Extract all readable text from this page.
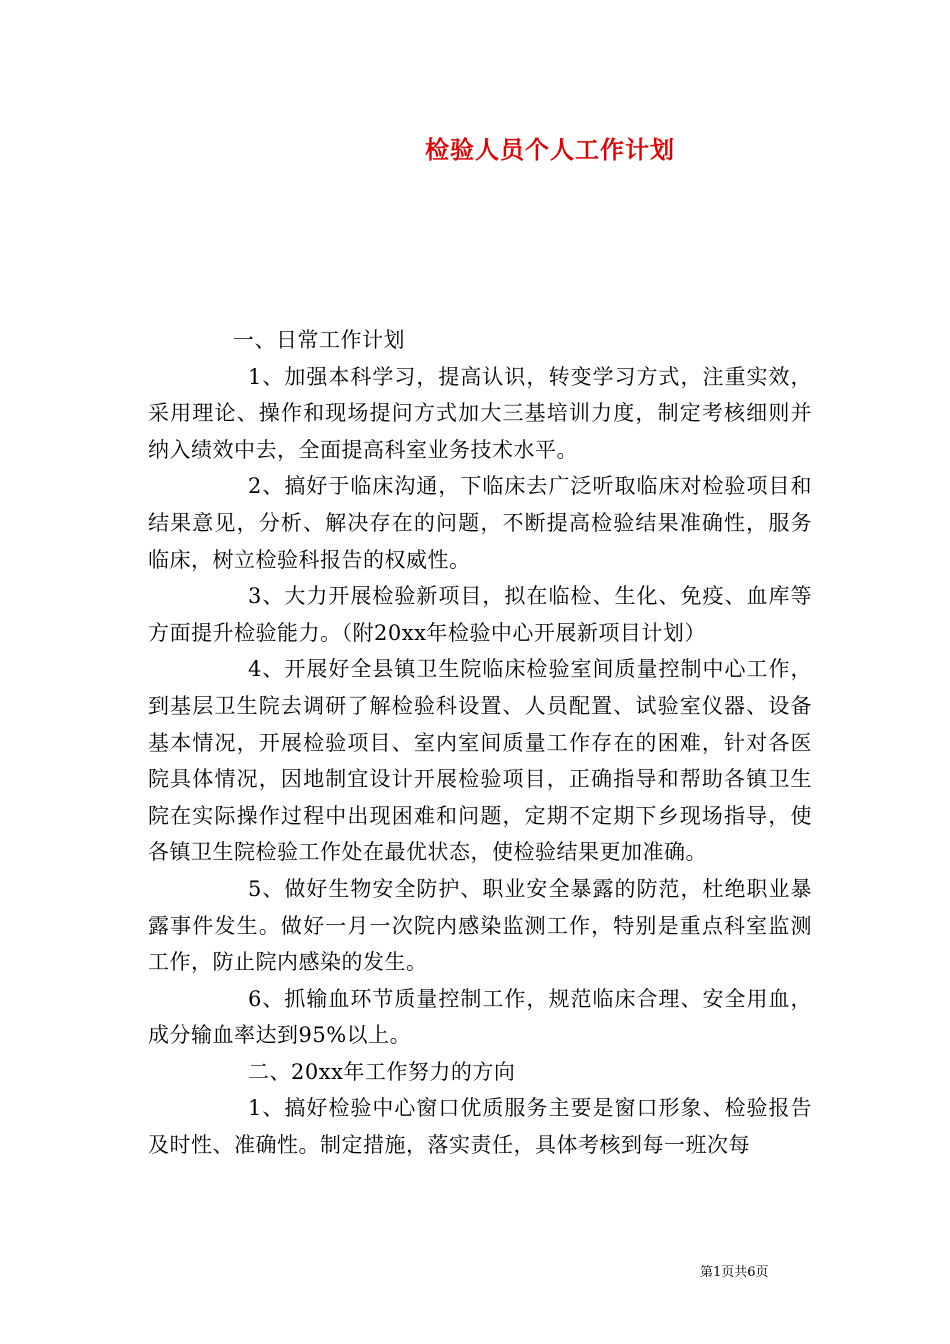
检验人员个人工作计划

一、日常工作计划

1、加强本科学习，提高认识，转变学习方式，注重实效，采用理论、操作和现场提问方式加大三基培训力度，制定考核细则并纳入绩效中去，全面提高科室业务技术水平。

2、搞好于临床沟通，下临床去广泛听取临床对检验项目和结果意见，分析、解决存在的问题，不断提高检验结果准确性，服务临床，树立检验科报告的权威性。

3、大力开展检验新项目，拟在临检、生化、免疫、血库等方面提升检验能力。（附20xx年检验中心开展新项目计划）

4、开展好全县镇卫生院临床检验室间质量控制中心工作，到基层卫生院去调研了解检验科设置、人员配置、试验室仪器、设备基本情况，开展检验项目、室内室间质量工作存在的困难，针对各医院具体情况，因地制宜设计开展检验项目，正确指导和帮助各镇卫生院在实际操作过程中出现困难和问题，定期不定期下乡现场指导，使各镇卫生院检验工作处在最优状态，使检验结果更加准确。

5、做好生物安全防护、职业安全暴露的防范，杜绝职业暴露事件发生。做好一月一次院内感染监测工作，特别是重点科室监测工作，防止院内感染的发生。

6、抓输血环节质量控制工作，规范临床合理、安全用血，成分输血率达到95%以上。

二、20xx年工作努力的方向

1、搞好检验中心窗口优质服务主要是窗口形象、检验报告及时性、准确性。制定措施，落实责任，具体考核到每一班次每

第1页共6页
